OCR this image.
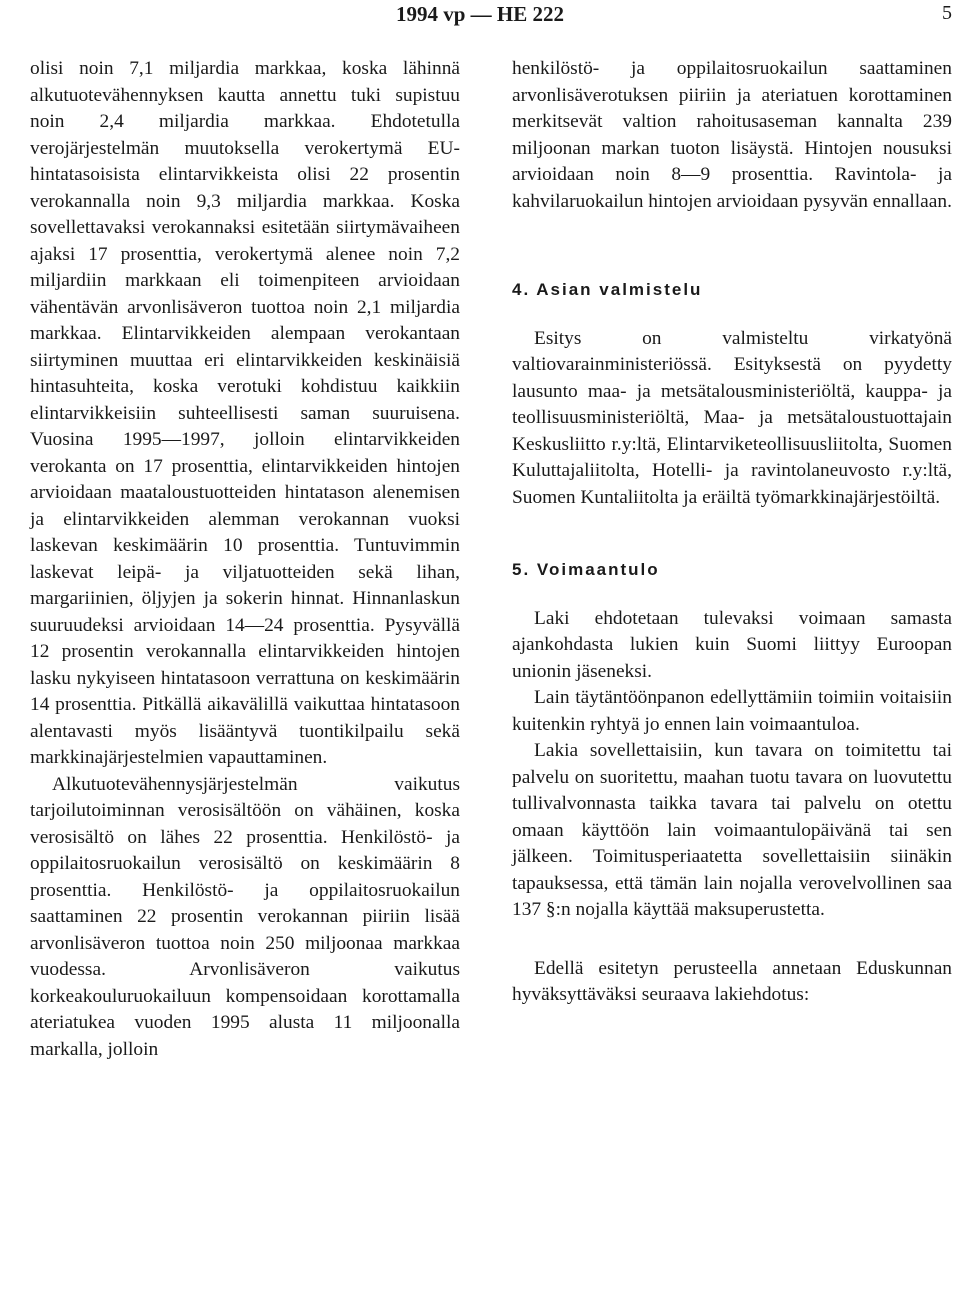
1994 vp — HE 222	5

olisi noin 7,1 miljardia markkaa, koska lähinnä alkutuotevähennyksen kautta annettu tuki supistuu noin 2,4 miljardia markkaa. Ehdotetulla verojärjestelmän muutoksella verokertymä EU-hintatasoisista elintarvikkeista olisi 22 prosentin verokannalla noin 9,3 miljardia markkaa. Koska sovellettavaksi verokannaksi esitetään siirtymävaiheen ajaksi 17 prosenttia, verokertymä alenee noin 7,2 miljardiin markkaan eli toimenpiteen arvioidaan vähentävän arvonlisäveron tuottoa noin 2,1 miljardia markkaa. Elintarvikkeiden alempaan verokantaan siirtyminen muuttaa eri elintarvikkeiden keskinäisiä hintasuhteita, koska verotuki kohdistuu kaikkiin elintarvikkeisiin suhteellisesti saman suuruisena. Vuosina 1995—1997, jolloin elintarvikkeiden verokanta on 17 prosenttia, elintarvikkeiden hintojen arvioidaan maataloustuotteiden hintatason alenemisen ja elintarvikkeiden alemman verokannan vuoksi laskevan keskimäärin 10 prosenttia. Tuntuvimmin laskevat leipä- ja viljatuotteiden sekä lihan, margariinien, öljyjen ja sokerin hinnat. Hinnanlaskun suuruudeksi arvioidaan 14—24 prosenttia. Pysyvällä 12 prosentin verokannalla elintarvikkeiden hintojen lasku nykyiseen hintatasoon verrattuna on keskimäärin 14 prosenttia. Pitkällä aikavälillä vaikuttaa hintatasoon alentavasti myös lisääntyvä tuontikilpailu sekä markkinajärjestelmien vapauttaminen.

Alkutuotevähennysjärjestelmän vaikutus tarjoilutoiminnan verosisältöön on vähäinen, koska verosisältö on lähes 22 prosenttia. Henkilöstö- ja oppilaitosruokailun verosisältö on keskimäärin 8 prosenttia. Henkilöstö- ja oppilaitosruokailun saattaminen 22 prosentin verokannan piiriin lisää arvonlisäveron tuottoa noin 250 miljoonaa markkaa vuodessa. Arvonlisäveron vaikutus korkeakouluruokailuun kompensoidaan korottamalla ateriatukea vuoden 1995 alusta 11 miljoonalla markalla, jolloin

henkilöstö- ja oppilaitosruokailun saattaminen arvonlisäverotuksen piiriin ja ateriatuen korottaminen merkitsevät valtion rahoitusaseman kannalta 239 miljoonan markan tuoton lisäystä. Hintojen nousuksi arvioidaan noin 8—9 prosenttia. Ravintola- ja kahvilaruokailun hintojen arvioidaan pysyvän ennallaan.

4. Asian valmistelu

Esitys on valmisteltu virkatyönä valtiovarainministeriössä. Esityksestä on pyydetty lausunto maa- ja metsätalousministeriöltä, kauppa- ja teollisuusministeriöltä, Maa- ja metsätaloustuottajain Keskusliitto r.y:ltä, Elintarviketeollisuusliitolta, Suomen Kuluttajaliitolta, Hotelli- ja ravintolaneuvosto r.y:ltä, Suomen Kuntaliitolta ja eräiltä työmarkkinajärjestöiltä.

5. Voimaantulo

Laki ehdotetaan tulevaksi voimaan samasta ajankohdasta lukien kuin Suomi liittyy Euroopan unionin jäseneksi.

Lain täytäntöönpanon edellyttämiin toimiin voitaisiin kuitenkin ryhtyä jo ennen lain voimaantuloa.

Lakia sovellettaisiin, kun tavara on toimitettu tai palvelu on suoritettu, maahan tuotu tavara on luovutettu tullivalvonnasta taikka tavara tai palvelu on otettu omaan käyttöön lain voimaantulopäivänä tai sen jälkeen. Toimitusperiaatetta sovellettaisiin siinäkin tapauksessa, että tämän lain nojalla verovelvollinen saa 137 §:n nojalla käyttää maksuperustetta.

Edellä esitetyn perusteella annetaan Eduskunnan hyväksyttäväksi seuraava lakiehdotus:
